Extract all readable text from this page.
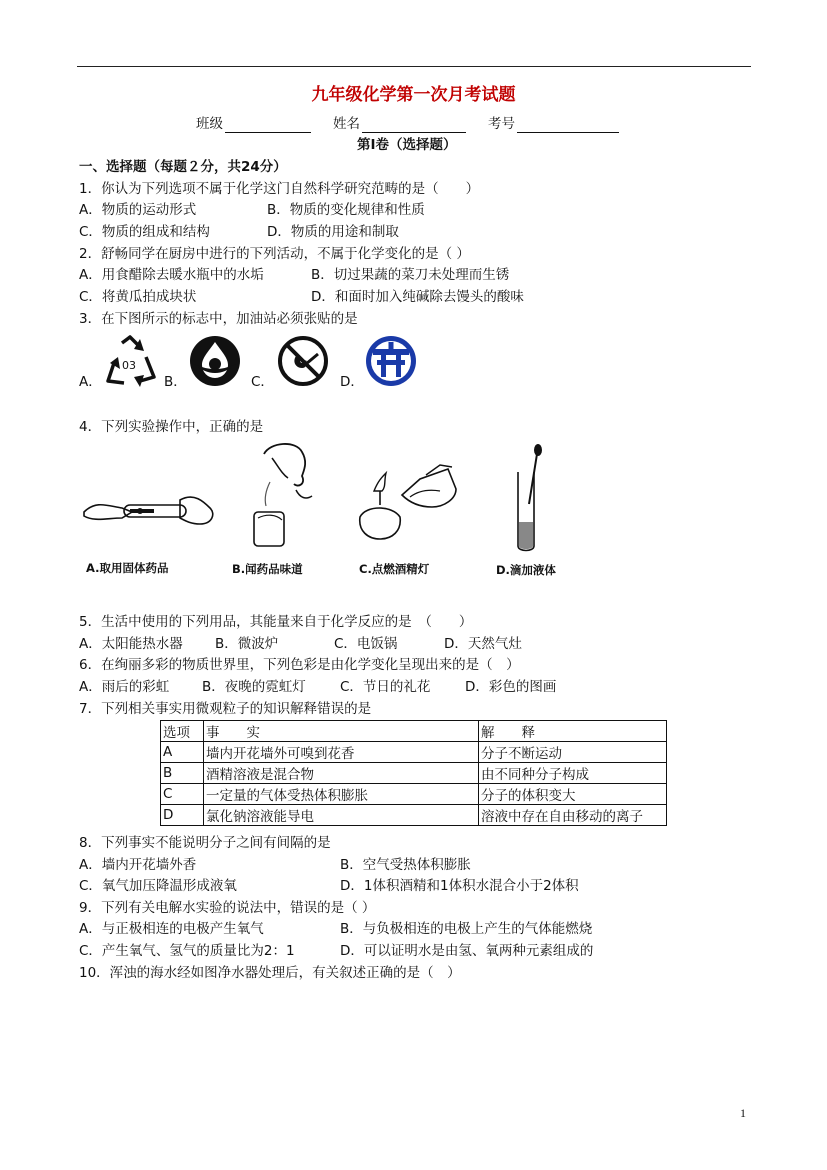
九年级化学第一次月考试题
班级	姓名	考号
第Ⅰ卷（选择题）
一、选择题（每题２分，共24分）
1．你认为下列选项不属于化学这门自然科学研究范畴的是（　　）
A．物质的运动形式	B．物质的变化规律和性质
C．物质的组成和结构	D．物质的用途和制取
2．舒畅同学在厨房中进行的下列活动，不属于化学变化的是（ ）
A．用食醋除去暖水瓶中的水垢	B．切过果蔬的菜刀未处理而生锈
C．将黄瓜拍成块状	D．和面时加入纯碱除去馒头的酸味
3．在下图所示的标志中，加油站必须张贴的是
A．
03
B．	C．	D．
4．下列实验操作中，正确的是
A.取用固体药品	B.闻药品味道	C.点燃酒精灯	D.滴加液体
5．生活中使用的下列用品，其能量来自于化学反应的是　（　　）
A．太阳能热水器 B．微波炉	C．电饭锅	D．天然气灶
6．在绚丽多彩的物质世界里，下列色彩是由化学变化呈现出来的是（　）
A．雨后的彩虹 B．夜晚的霓虹灯	C．节日的礼花	D．彩色的图画
7．下列相关事实用微观粒子的知识解释错误的是
选项	事　　实	解　　释
A	墙内开花墙外可嗅到花香	分子不断运动
B	酒精溶液是混合物	由不同种分子构成
C	一定量的气体受热体积膨胀	分子的体积变大
D	氯化钠溶液能导电	溶液中存在自由移动的离子
8．下列事实不能说明分子之间有间隔的是
A．墙内开花墙外香	B．空气受热体积膨胀
C．氧气加压降温形成液氧	D．1体积酒精和1体积水混合小于2体积
9．下列有关电解水实验的说法中，错误的是（ ）
A．与正极相连的电极产生氧气	B．与负极相连的电极上产生的气体能燃烧
C．产生氧气、氢气的质量比为2：1	D．可以证明水是由氢、氧两种元素组成的
10．浑浊的海水经如图净水器处理后，有关叙述正确的是（　）
1
